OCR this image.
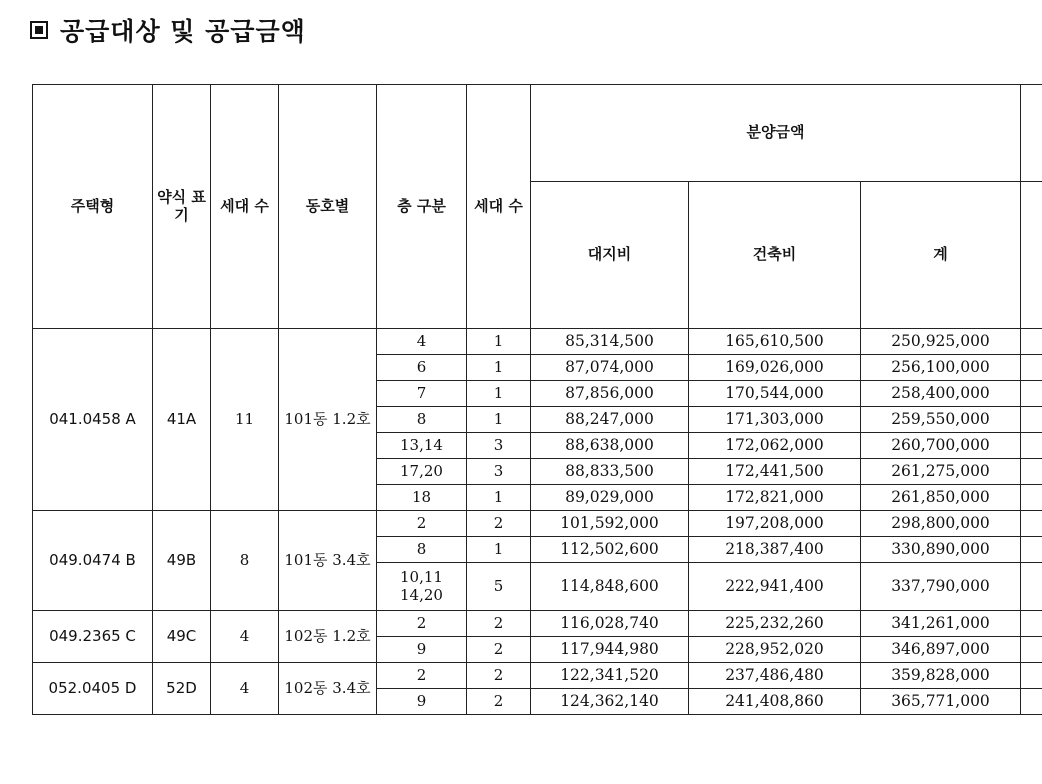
공급대상 및 공급금액
주택형	약식 표기	세대 수	동호별	층 구분	세대 수	분양금액			
						대지비	건축비	계	
041.0458 A	41A	11	101동 1.2호	4	1	85,314,500	165,610,500	250,925,000	
				6	1	87,074,000	169,026,000	256,100,000	
				7	1	87,856,000	170,544,000	258,400,000	
				8	1	88,247,000	171,303,000	259,550,000	
				13,14	3	88,638,000	172,062,000	260,700,000	
				17,20	3	88,833,500	172,441,500	261,275,000	
				18	1	89,029,000	172,821,000	261,850,000	
049.0474 B	49B	8	101동 3.4호	2	2	101,592,000	197,208,000	298,800,000	
				8	1	112,502,600	218,387,400	330,890,000	
				10,11 14,20	5	114,848,600	222,941,400	337,790,000	
049.2365 C	49C	4	102동 1.2호	2	2	116,028,740	225,232,260	341,261,000	
				9	2	117,944,980	228,952,020	346,897,000	
052.0405 D	52D	4	102동 3.4호	2	2	122,341,520	237,486,480	359,828,000	
				9	2	124,362,140	241,408,860	365,771,000	
